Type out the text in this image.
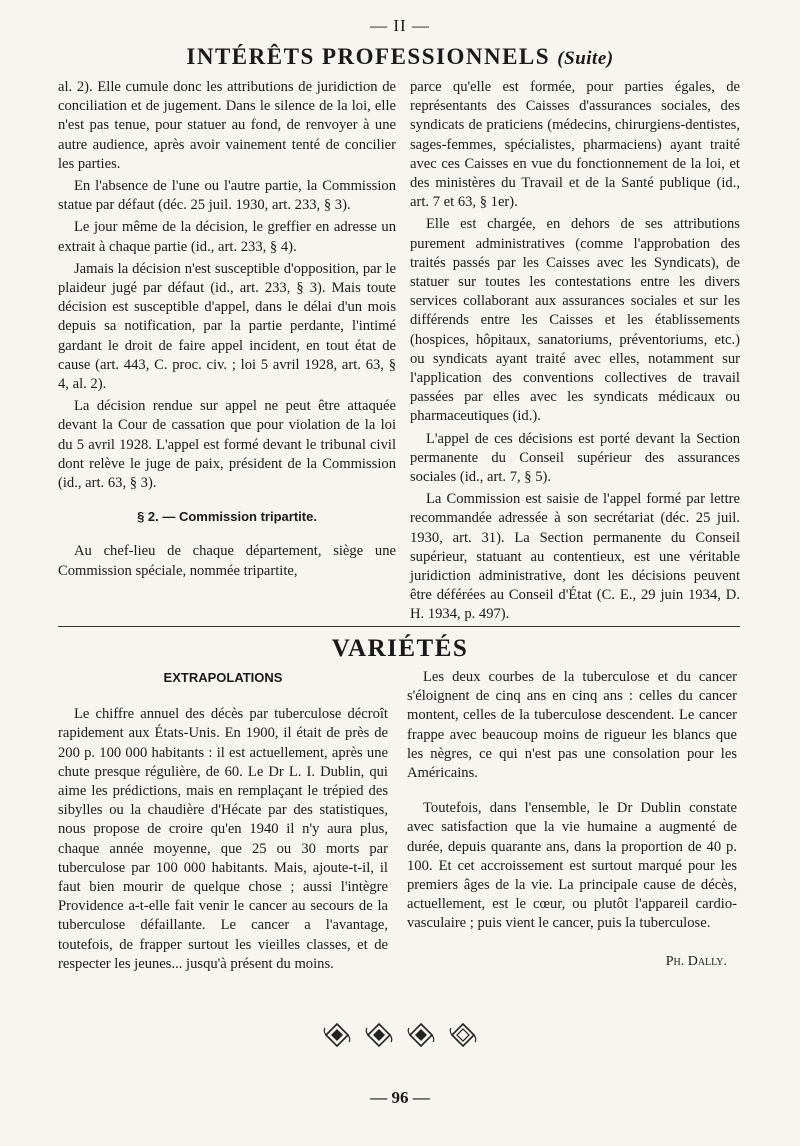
— II —
INTÉRÊTS PROFESSIONNELS (Suite)

al. 2). Elle cumule donc les attributions de juridiction de conciliation et de jugement. Dans le silence de la loi, elle n'est pas tenue, pour statuer au fond, de renvoyer à une autre audience, après avoir vainement tenté de concilier les parties.

En l'absence de l'une ou l'autre partie, la Commission statue par défaut (déc. 25 juil. 1930, art. 233, § 3).

Le jour même de la décision, le greffier en adresse un extrait à chaque partie (id., art. 233, § 4).

Jamais la décision n'est susceptible d'opposition, par le plaideur jugé par défaut (id., art. 233, § 3). Mais toute décision est susceptible d'appel, dans le délai d'un mois depuis sa notification, par la partie perdante, l'intimé gardant le droit de faire appel incident, en tout état de cause (art. 443, C. proc. civ. ; loi 5 avril 1928, art. 63, § 4, al. 2).

La décision rendue sur appel ne peut être attaquée devant la Cour de cassation que pour violation de la loi du 5 avril 1928. L'appel est formé devant le tribunal civil dont relève le juge de paix, président de la Commission (id., art. 63, § 3).

§ 2. — Commission tripartite.

Au chef-lieu de chaque département, siège une Commission spéciale, nommée tripartite,

parce qu'elle est formée, pour parties égales, de représentants des Caisses d'assurances sociales, des syndicats de praticiens (médecins, chirurgiens-dentistes, sages-femmes, spécialistes, pharmaciens) ayant traité avec ces Caisses en vue du fonctionnement de la loi, et des ministères du Travail et de la Santé publique (id., art. 7 et 63, § 1er).

Elle est chargée, en dehors de ses attributions purement administratives (comme l'approbation des traités passés par les Caisses avec les Syndicats), de statuer sur toutes les contestations entre les divers services collaborant aux assurances sociales et sur les différends entre les Caisses et les établissements (hospices, hôpitaux, sanatoriums, préventoriums, etc.) ou syndicats ayant traité avec elles, notamment sur l'application des conventions collectives de travail passées par elles avec les syndicats médicaux ou pharmaceutiques (id.).

L'appel de ces décisions est porté devant la Section permanente du Conseil supérieur des assurances sociales (id., art. 7, § 5).

La Commission est saisie de l'appel formé par lettre recommandée adressée à son secrétariat (déc. 25 juil. 1930, art. 31). La Section permanente du Conseil supérieur, statuant au contentieux, est une véritable juridiction administrative, dont les décisions peuvent être déférées au Conseil d'État (C. E., 29 juin 1934, D. H. 1934, p. 497).

VARIÉTÉS
EXTRAPOLATIONS

Le chiffre annuel des décès par tuberculose décroît rapidement aux États-Unis. En 1900, il était de près de 200 p. 100 000 habitants : il est actuellement, après une chute presque régulière, de 60. Le Dr L. I. Dublin, qui aime les prédictions, mais en remplaçant le trépied des sibylles ou la chaudière d'Hécate par des statistiques, nous propose de croire qu'en 1940 il n'y aura plus, chaque année moyenne, que 25 ou 30 morts par tuberculose par 100 000 habitants. Mais, ajoute-t-il, il faut bien mourir de quelque chose ; aussi l'intègre Providence a-t-elle fait venir le cancer au secours de la tuberculose défaillante. Le cancer a l'avantage, toutefois, de frapper surtout les vieilles classes, et de respecter les jeunes... jusqu'à présent du moins.

Les deux courbes de la tuberculose et du cancer s'éloignent de cinq ans en cinq ans : celles du cancer montent, celles de la tuberculose descendent. Le cancer frappe avec beaucoup moins de rigueur les blancs que les nègres, ce qui n'est pas une consolation pour les Américains.

Toutefois, dans l'ensemble, le Dr Dublin constate avec satisfaction que la vie humaine a augmenté de durée, depuis quarante ans, dans la proportion de 40 p. 100. Et cet accroissement est surtout marqué pour les premiers âges de la vie. La principale cause de décès, actuellement, est le cœur, ou plutôt l'appareil cardio-vasculaire ; puis vient le cancer, puis la tuberculose.

Ph. Dally.
— 96 —
